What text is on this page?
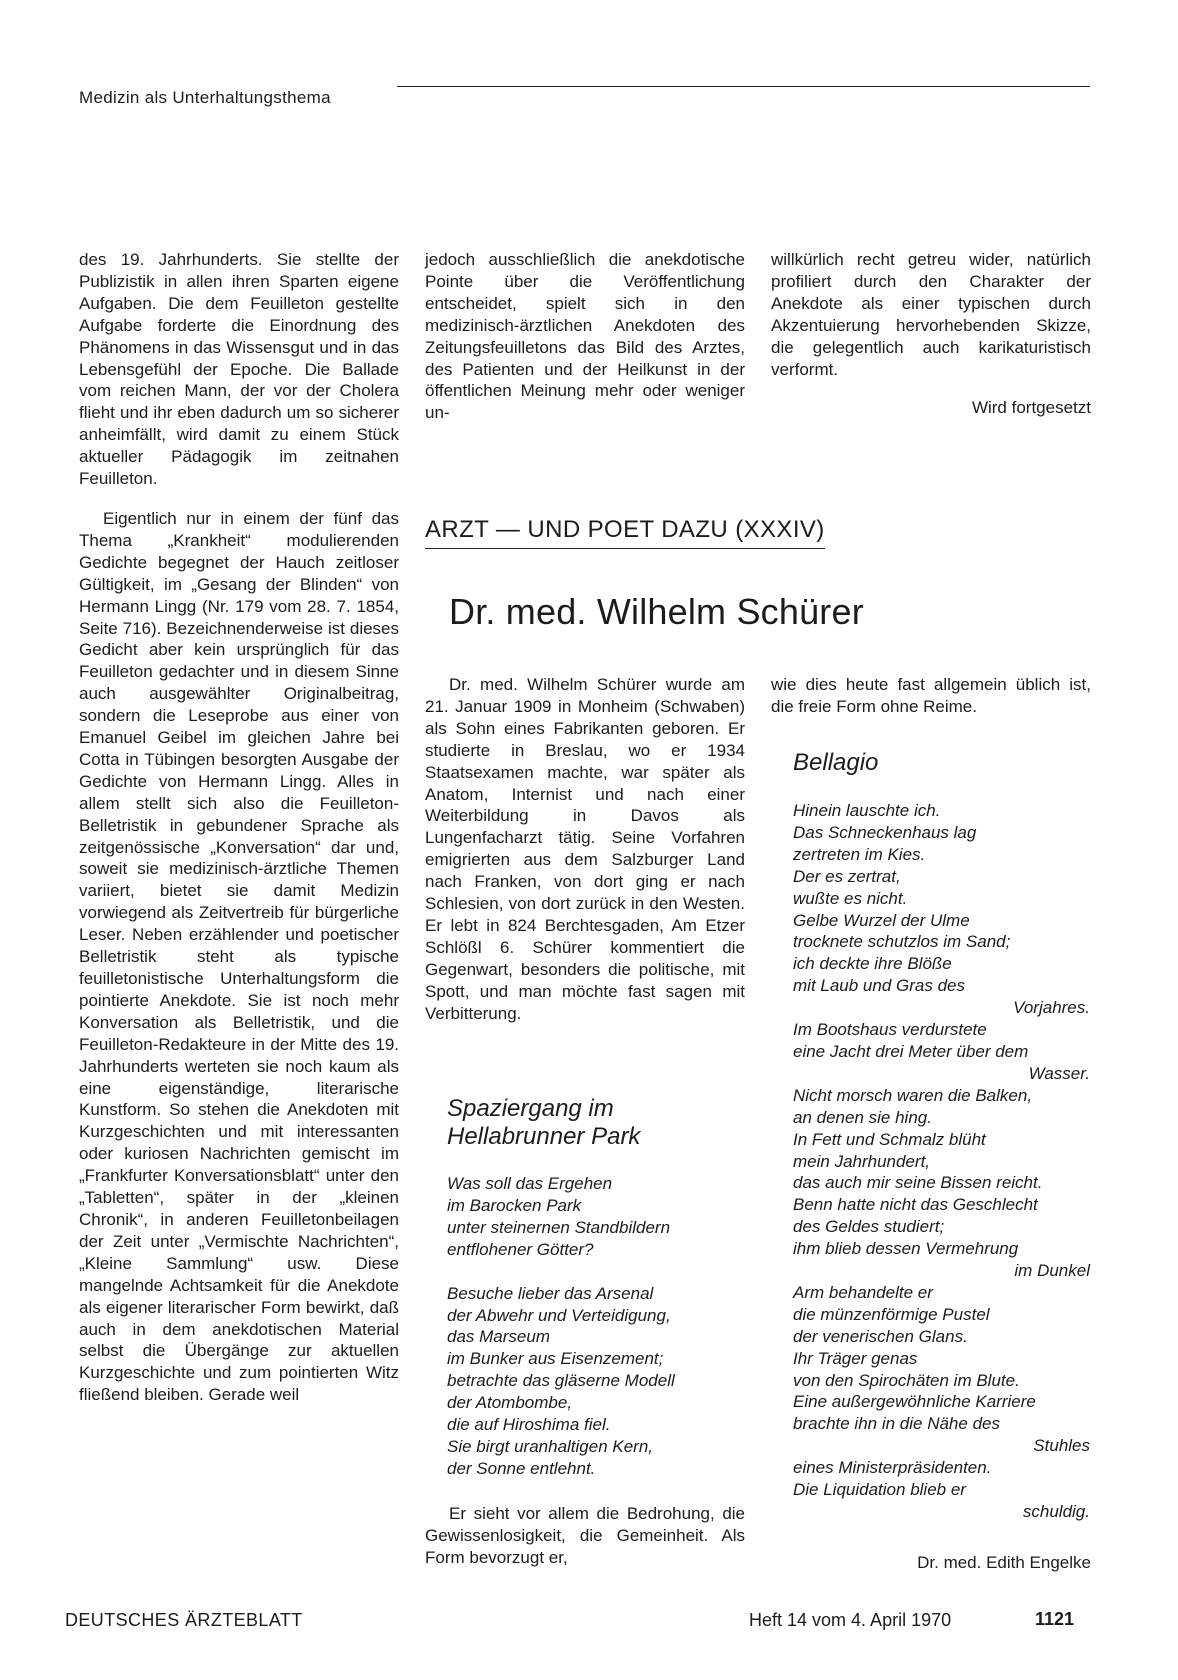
Medizin als Unterhaltungsthema

des 19. Jahrhunderts. Sie stellte der Publizistik in allen ihren Sparten eigene Aufgaben. Die dem Feuilleton gestellte Aufgabe forderte die Einordnung des Phänomens in das Wissensgut und in das Lebensgefühl der Epoche. Die Ballade vom reichen Mann, der vor der Cholera flieht und ihr eben dadurch um so sicherer anheimfällt, wird damit zu einem Stück aktueller Pädagogik im zeitnahen Feuilleton.

Eigentlich nur in einem der fünf das Thema „Krankheit“ modulierenden Gedichte begegnet der Hauch zeitloser Gültigkeit, im „Gesang der Blinden“ von Hermann Lingg (Nr. 179 vom 28. 7. 1854, Seite 716). Bezeichnenderweise ist dieses Gedicht aber kein ursprünglich für das Feuilleton gedachter und in diesem Sinne auch ausgewählter Originalbeitrag, sondern die Leseprobe aus einer von Emanuel Geibel im gleichen Jahre bei Cotta in Tübingen besorgten Ausgabe der Gedichte von Hermann Lingg. Alles in allem stellt sich also die Feuilleton-Belletristik in gebundener Sprache als zeitgenössische „Konversation“ dar und, soweit sie medizinisch-ärztliche Themen variiert, bietet sie damit Medizin vorwiegend als Zeitvertreib für bürgerliche Leser. Neben erzählender und poetischer Belletristik steht als typische feuilletonistische Unterhaltungsform die pointierte Anekdote. Sie ist noch mehr Konversation als Belletristik, und die Feuilleton-Redakteure in der Mitte des 19. Jahrhunderts werteten sie noch kaum als eine eigenständige, literarische Kunstform. So stehen die Anekdoten mit Kurzgeschichten und mit interessanten oder kuriosen Nachrichten gemischt im „Frankfurter Konversationsblatt“ unter den „Tabletten“, später in der „kleinen Chronik“, in anderen Feuilletonbeilagen der Zeit unter „Vermischte Nachrichten“, „Kleine Sammlung“ usw. Diese mangelnde Achtsamkeit für die Anekdote als eigener literarischer Form bewirkt, daß auch in dem anekdotischen Material selbst die Übergänge zur aktuellen Kurzgeschichte und zum pointierten Witz fließend bleiben. Gerade weil

jedoch ausschließlich die anekdotische Pointe über die Veröffentlichung entscheidet, spielt sich in den medizinisch-ärztlichen Anekdoten des Zeitungsfeuilletons das Bild des Arztes, des Patienten und der Heilkunst in der öffentlichen Meinung mehr oder weniger un-

willkürlich recht getreu wider, natürlich profiliert durch den Charakter der Anekdote als einer typischen durch Akzentuierung hervorhebenden Skizze, die gelegentlich auch karikaturistisch verformt.

Wird fortgesetzt
ARZT — UND POET DAZU (XXXIV)
Dr. med. Wilhelm Schürer

Dr. med. Wilhelm Schürer wurde am 21. Januar 1909 in Monheim (Schwaben) als Sohn eines Fabrikanten geboren. Er studierte in Breslau, wo er 1934 Staatsexamen machte, war später als Anatom, Internist und nach einer Weiterbildung in Davos als Lungenfacharzt tätig. Seine Vorfahren emigrierten aus dem Salzburger Land nach Franken, von dort ging er nach Schlesien, von dort zurück in den Westen. Er lebt in 824 Berchtesgaden, Am Etzer Schlößl 6. Schürer kommentiert die Gegenwart, besonders die politische, mit Spott, und man möchte fast sagen mit Verbitterung.

Spaziergang im
Hellabrunner Park
Was soll das Ergehen
im Barocken Park
unter steinernen Standbildern
entflohener Götter?
Besuche lieber das Arsenal
der Abwehr und Verteidigung,
das Marseum
im Bunker aus Eisenzement;
betrachte das gläserne Modell
der Atombombe,
die auf Hiroshima fiel.
Sie birgt uranhaltigen Kern,
der Sonne entlehnt.

Er sieht vor allem die Bedrohung, die Gewissenlosigkeit, die Gemeinheit. Als Form bevorzugt er,

wie dies heute fast allgemein üblich ist, die freie Form ohne Reime.

Bellagio
Hinein lauschte ich.
Das Schneckenhaus lag
zertreten im Kies.
Der es zertrat,
wußte es nicht.
Gelbe Wurzel der Ulme
trocknete schutzlos im Sand;
ich deckte ihre Blöße
mit Laub und Gras des
Vorjahres.
Im Bootshaus verdurstete
eine Jacht drei Meter über dem
Wasser.
Nicht morsch waren die Balken,
an denen sie hing.
In Fett und Schmalz blüht
mein Jahrhundert,
das auch mir seine Bissen reicht.
Benn hatte nicht das Geschlecht
des Geldes studiert;
ihm blieb dessen Vermehrung
im Dunkel
Arm behandelte er
die münzenförmige Pustel
der venerischen Glans.
Ihr Träger genas
von den Spirochäten im Blute.
Eine außergewöhnliche Karriere
brachte ihn in die Nähe des
Stuhles
eines Ministerpräsidenten.
Die Liquidation blieb er
schuldig.
Dr. med. Edith Engelke
DEUTSCHES ÄRZTEBLATT	Heft 14 vom 4. April 1970	1121
